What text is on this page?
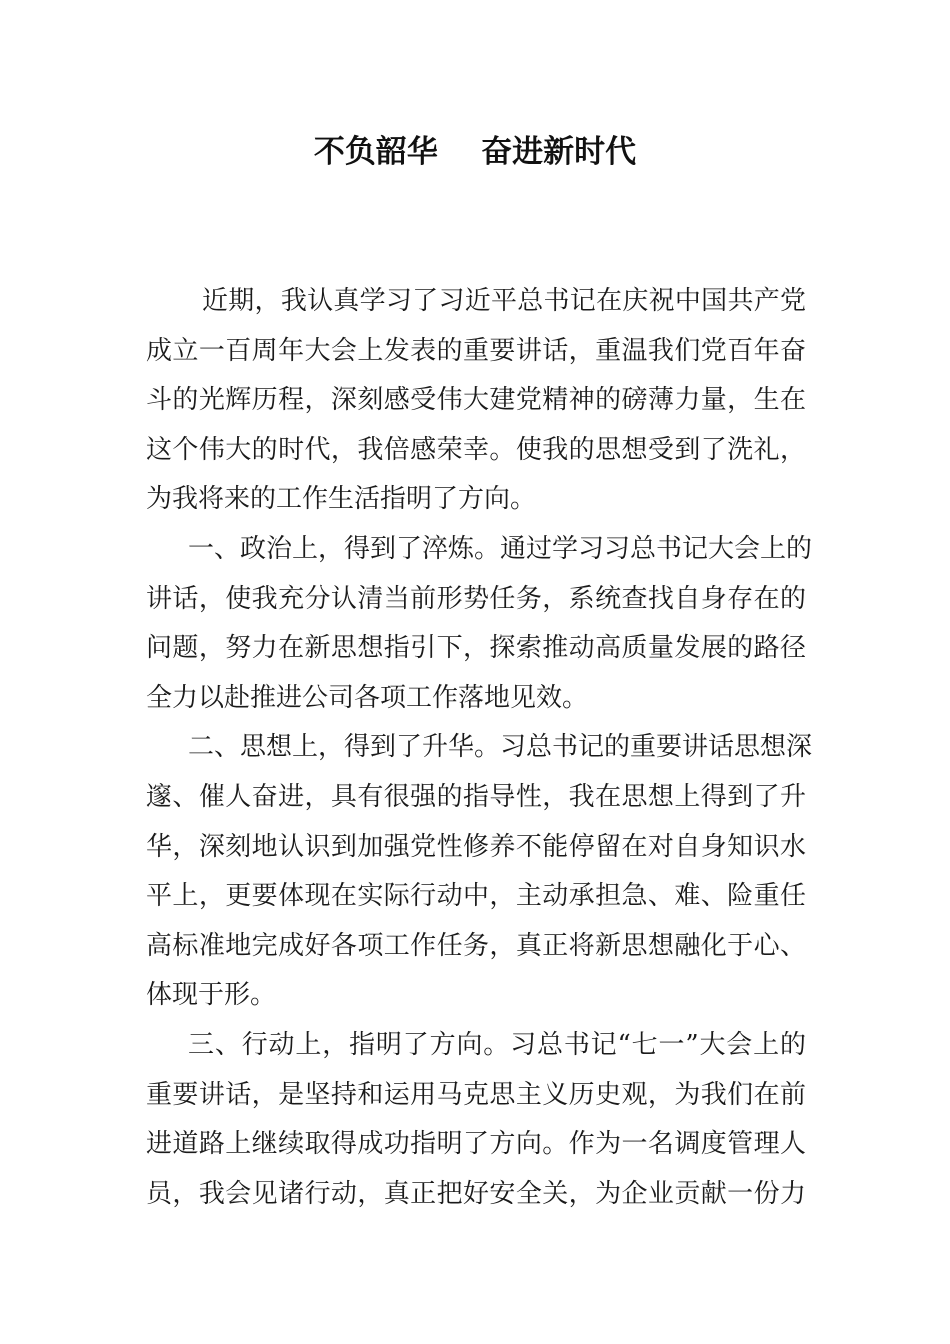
不负韶华    奋进新时代
近期，我认真学习了习近平总书记在庆祝中国共产党
成立一百周年大会上发表的重要讲话，重温我们党百年奋
斗的光辉历程，深刻感受伟大建党精神的磅薄力量，生在
这个伟大的时代，我倍感荣幸。使我的思想受到了洗礼，
为我将来的工作生活指明了方向。
一、政治上，得到了淬炼。通过学习习总书记大会上的
讲话，使我充分认清当前形势任务，系统查找自身存在的
问题，努力在新思想指引下，探索推动高质量发展的路径
全力以赴推进公司各项工作落地见效。
二、思想上，得到了升华。习总书记的重要讲话思想深
邃、催人奋进，具有很强的指导性，我在思想上得到了升
华，深刻地认识到加强党性修养不能停留在对自身知识水
平上，更要体现在实际行动中，主动承担急、难、险重任
高标准地完成好各项工作任务，真正将新思想融化于心、
体现于形。
三、行动上，指明了方向。习总书记“七一”大会上的
重要讲话，是坚持和运用马克思主义历史观，为我们在前
进道路上继续取得成功指明了方向。作为一名调度管理人
员，我会见诸行动，真正把好安全关，为企业贡献一份力
